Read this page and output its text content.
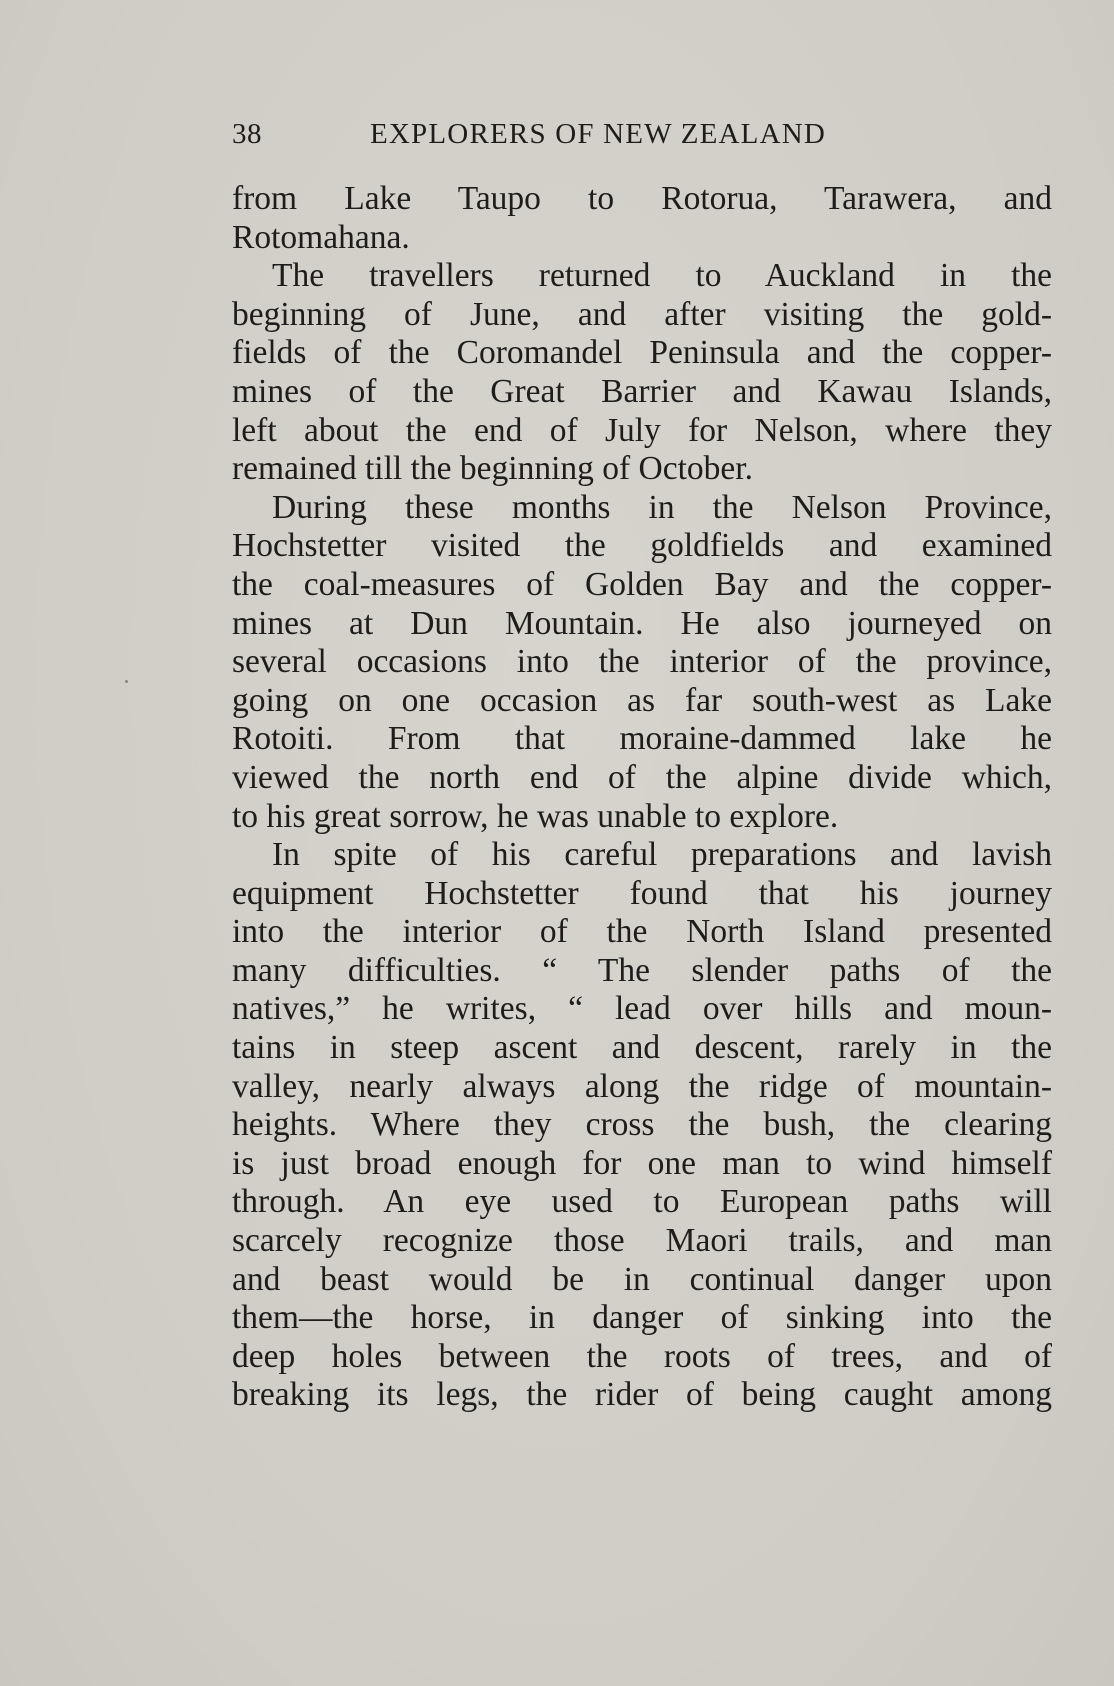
38	EXPLORERS OF NEW ZEALAND
from Lake Taupo to Rotorua, Tarawera, and
Rotomahana.
The travellers returned to Auckland in the
beginning of June, and after visiting the gold-
fields of the Coromandel Peninsula and the copper-
mines of the Great Barrier and Kawau Islands,
left about the end of July for Nelson, where they
remained till the beginning of October.
During these months in the Nelson Province,
Hochstetter visited the goldfields and examined
the coal-measures of Golden Bay and the copper-
mines at Dun Mountain. He also journeyed on
several occasions into the interior of the province,
going on one occasion as far south-west as Lake
Rotoiti. From that moraine-dammed lake he
viewed the north end of the alpine divide which,
to his great sorrow, he was unable to explore.
In spite of his careful preparations and lavish
equipment Hochstetter found that his journey
into the interior of the North Island presented
many difficulties. “ The slender paths of the
natives,” he writes, “ lead over hills and moun-
tains in steep ascent and descent, rarely in the
valley, nearly always along the ridge of mountain-
heights. Where they cross the bush, the clearing
is just broad enough for one man to wind himself
through. An eye used to European paths will
scarcely recognize those Maori trails, and man
and beast would be in continual danger upon
them—the horse, in danger of sinking into the
deep holes between the roots of trees, and of
breaking its legs, the rider of being caught among
